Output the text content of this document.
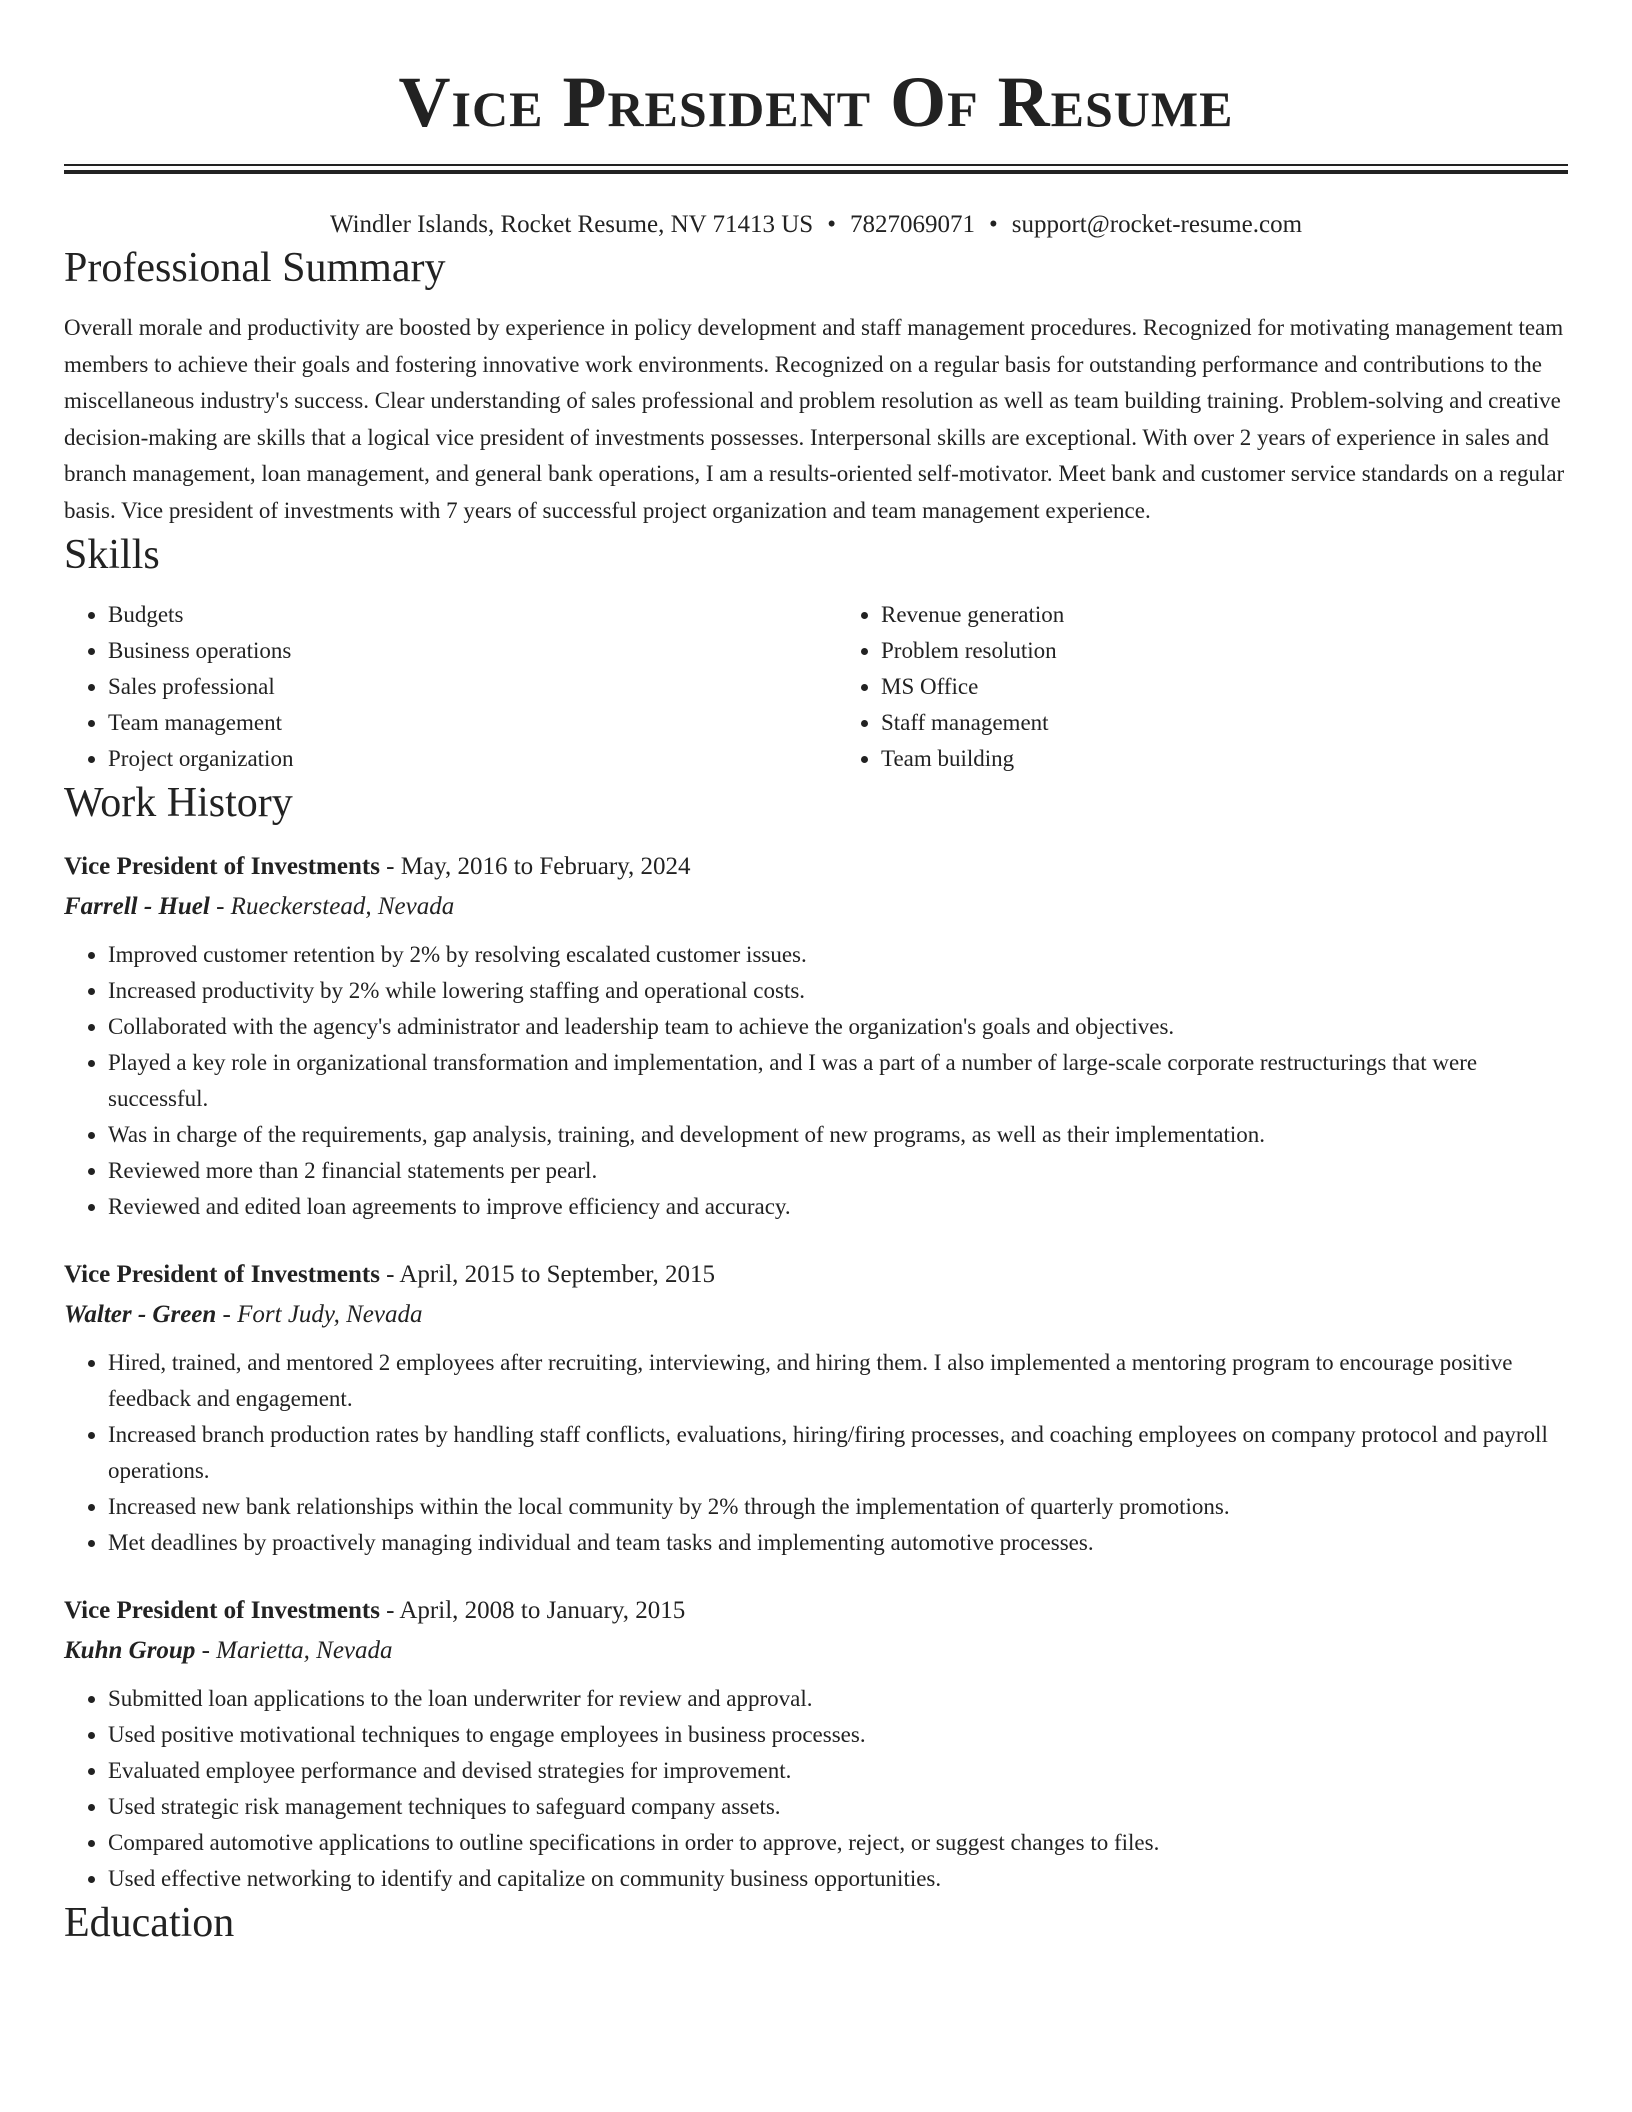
Vice President Of Resume
Windler Islands, Rocket Resume, NV 71413 US • 7827069071 • support@rocket-resume.com
Professional Summary

Overall morale and productivity are boosted by experience in policy development and staff management procedures. Recognized for motivating management team members to achieve their goals and fostering innovative work environments. Recognized on a regular basis for outstanding performance and contributions to the miscellaneous industry's success. Clear understanding of sales professional and problem resolution as well as team building training. Problem-solving and creative decision-making are skills that a logical vice president of investments possesses. Interpersonal skills are exceptional. With over 2 years of experience in sales and branch management, loan management, and general bank operations, I am a results-oriented self-motivator. Meet bank and customer service standards on a regular basis. Vice president of investments with 7 years of successful project organization and team management experience.

Skills
• Budgets
• Business operations
• Sales professional
• Team management
• Project organization
• Revenue generation
• Problem resolution
• MS Office
• Staff management
• Team building
Work History
Vice President of Investments - May, 2016 to February, 2024
Farrell - Huel - Rueckerstead, Nevada
• Improved customer retention by 2% by resolving escalated customer issues.
• Increased productivity by 2% while lowering staffing and operational costs.
• Collaborated with the agency's administrator and leadership team to achieve the organization's goals and objectives.
• Played a key role in organizational transformation and implementation, and I was a part of a number of large-scale corporate restructurings that were successful.
• Was in charge of the requirements, gap analysis, training, and development of new programs, as well as their implementation.
• Reviewed more than 2 financial statements per pearl.
• Reviewed and edited loan agreements to improve efficiency and accuracy.
Vice President of Investments - April, 2015 to September, 2015
Walter - Green - Fort Judy, Nevada
• Hired, trained, and mentored 2 employees after recruiting, interviewing, and hiring them. I also implemented a mentoring program to encourage positive feedback and engagement.
• Increased branch production rates by handling staff conflicts, evaluations, hiring/firing processes, and coaching employees on company protocol and payroll operations.
• Increased new bank relationships within the local community by 2% through the implementation of quarterly promotions.
• Met deadlines by proactively managing individual and team tasks and implementing automotive processes.
Vice President of Investments - April, 2008 to January, 2015
Kuhn Group - Marietta, Nevada
• Submitted loan applications to the loan underwriter for review and approval.
• Used positive motivational techniques to engage employees in business processes.
• Evaluated employee performance and devised strategies for improvement.
• Used strategic risk management techniques to safeguard company assets.
• Compared automotive applications to outline specifications in order to approve, reject, or suggest changes to files.
• Used effective networking to identify and capitalize on community business opportunities.
Education
